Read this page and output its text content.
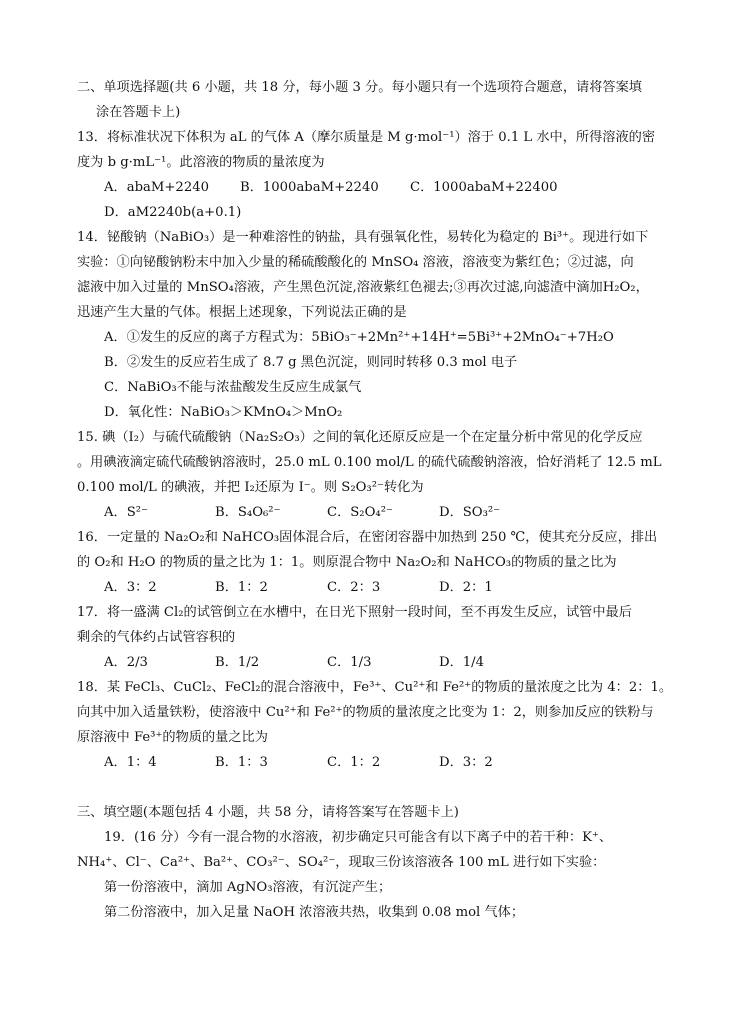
二、单项选择题(共 6 小题，共 18 分，每小题 3 分。每小题只有一个选项符合题意，请将答案填
涂在答题卡上)
13．将标准状况下体积为 aL 的气体 A（摩尔质量是 M g·mol⁻¹）溶于 0.1 L 水中，所得溶液的密
度为 b g·mL⁻¹。此溶液的物质的量浓度为
A．abaM+2240 B．1000abaM+2240 C．1000abaM+22400
D．aM2240b(a+0.1)
14．铋酸钠（NaBiO₃）是一种难溶性的钠盐，具有强氧化性，易转化为稳定的 Bi³⁺。现进行如下
实验：①向铋酸钠粉末中加入少量的稀硫酸酸化的 MnSO₄ 溶液，溶液变为紫红色；②过滤，向
滤液中加入过量的 MnSO₄溶液，产生黑色沉淀,溶液紫红色褪去;③再次过滤,向滤渣中滴加H₂O₂，
迅速产生大量的气体。根据上述现象，下列说法正确的是
A．①发生的反应的离子方程式为：5BiO₃⁻+2Mn²⁺+14H⁺=5Bi³⁺+2MnO₄⁻+7H₂O
B．②发生的反应若生成了 8.7 g 黑色沉淀，则同时转移 0.3 mol 电子
C．NaBiO₃不能与浓盐酸发生反应生成氯气
D．氧化性：NaBiO₃＞KMnO₄＞MnO₂
15. 碘（I₂）与硫代硫酸钠（Na₂S₂O₃）之间的氧化还原反应是一个在定量分析中常见的化学反应
。用碘液滴定硫代硫酸钠溶液时，25.0 mL 0.100 mol/L 的硫代硫酸钠溶液，恰好消耗了 12.5 mL
0.100 mol/L 的碘液，并把 I₂还原为 I⁻。则 S₂O₃²⁻转化为
A．S²⁻	B．S₄O₆²⁻	C．S₂O₄²⁻	D．SO₃²⁻
16．一定量的 Na₂O₂和 NaHCO₃固体混合后，在密闭容器中加热到 250 ℃，使其充分反应，排出
的 O₂和 H₂O 的物质的量之比为 1：1。则原混合物中 Na₂O₂和 NaHCO₃的物质的量之比为
A．3：2	B．1：2	C．2：3	D．2：1
17．将一盛满 Cl₂的试管倒立在水槽中，在日光下照射一段时间，至不再发生反应，试管中最后
剩余的气体约占试管容积的
A．2/3	B．1/2	C．1/3	D．1/4
18．某 FeCl₃、CuCl₂、FeCl₂的混合溶液中，Fe³⁺、Cu²⁺和 Fe²⁺的物质的量浓度之比为 4：2：1。
向其中加入适量铁粉，使溶液中 Cu²⁺和 Fe²⁺的物质的量浓度之比变为 1：2，则参加反应的铁粉与
原溶液中 Fe³⁺的物质的量之比为
A．1：4	B．1：3	C．1：2	D．3：2
三、填空题(本题包括 4 小题，共 58 分，请将答案写在答题卡上)
19．(16 分）今有一混合物的水溶液，初步确定只可能含有以下离子中的若干种：K⁺、
NH₄⁺、Cl⁻、Ca²⁺、Ba²⁺、CO₃²⁻、SO₄²⁻，现取三份该溶液各 100 mL 进行如下实验：
第一份溶液中，滴加 AgNO₃溶液，有沉淀产生；
第二份溶液中，加入足量 NaOH 浓溶液共热，收集到 0.08 mol 气体；
